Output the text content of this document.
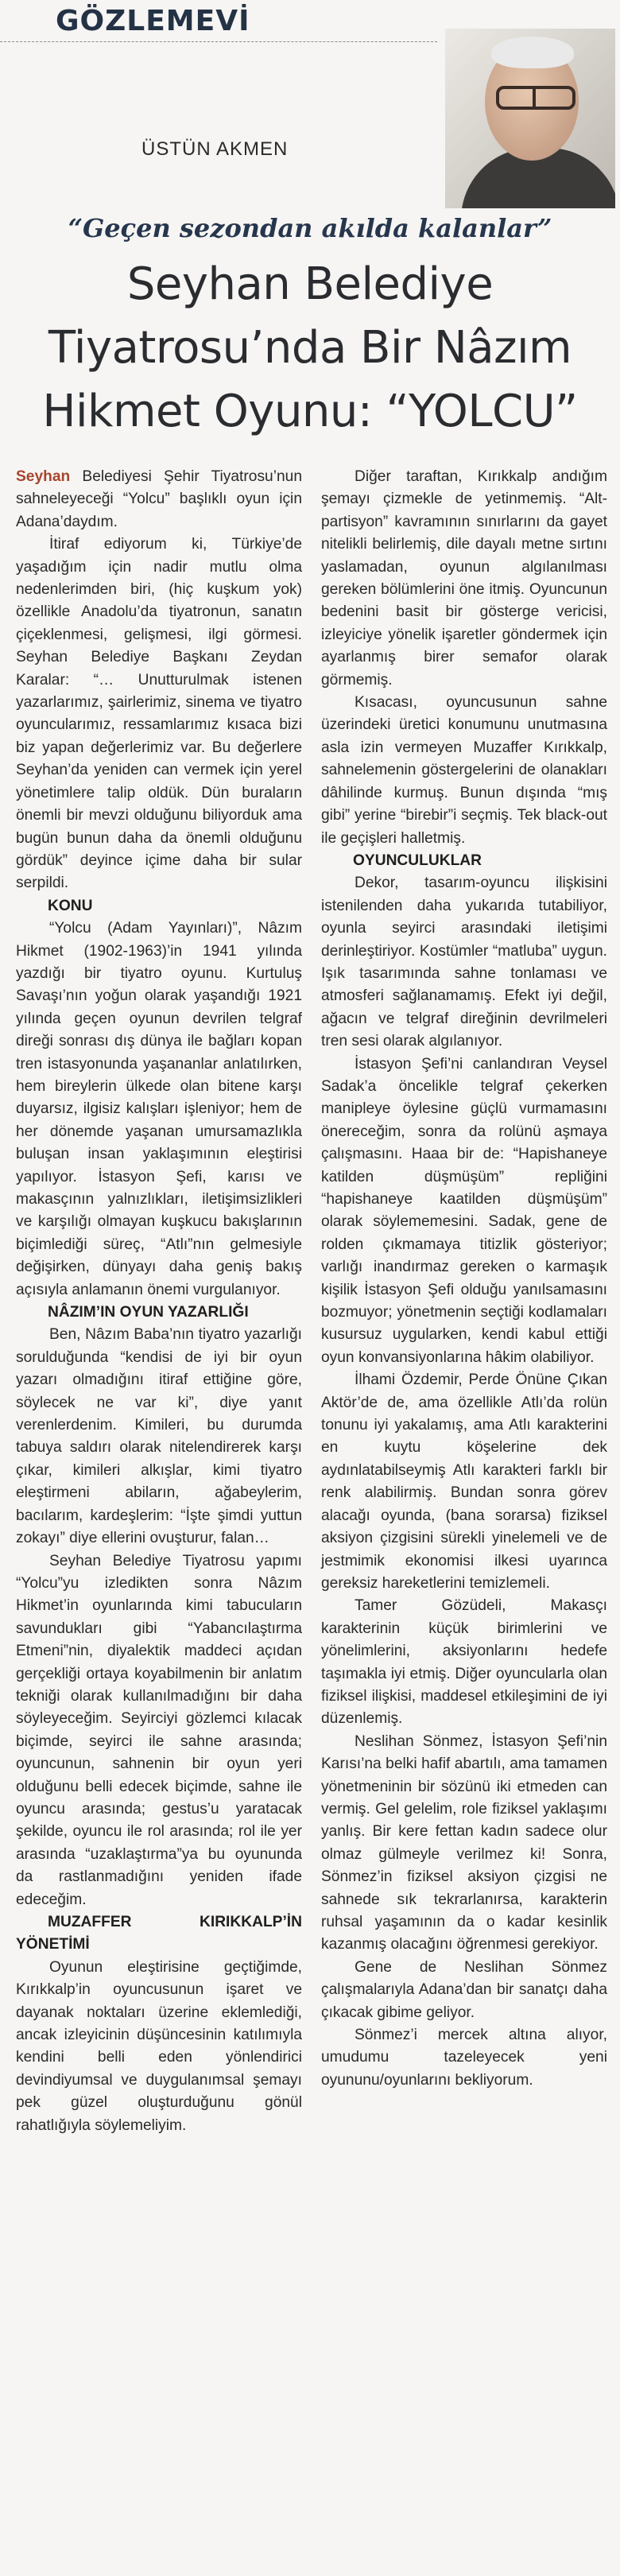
GÖZLEMEVİ
ÜSTÜN AKMEN
“Geçen sezondan akılda kalanlar”
Seyhan Belediye
Tiyatrosu’nda Bir Nâzım
Hikmet Oyunu: “YOLCU”

Seyhan Belediyesi Şehir Tiyatrosu’nun sahneleyeceği “Yolcu” başlıklı oyun için Adana’daydım.

İtiraf ediyorum ki, Türkiye’de yaşadığım için nadir mutlu olma nedenlerimden biri, (hiç kuşkum yok) özellikle Anadolu’da tiyatronun, sanatın çiçeklenmesi, gelişmesi, ilgi görmesi. Seyhan Belediye Başkanı Zeydan Karalar: “… Unutturulmak istenen yazarlarımız, şairlerimiz, sinema ve tiyatro oyuncularımız, ressamlarımız kısaca bizi biz yapan değerlerimiz var. Bu değerlere Seyhan’da yeniden can vermek için yerel yönetimlere talip oldük. Dün buraların önemli bir mevzi olduğunu biliyorduk ama bugün bunun daha da önemli olduğunu gördük” deyince içime daha bir sular serpildi.

KONU

“Yolcu (Adam Yayınları)”, Nâzım Hikmet (1902-1963)’in 1941 yılında yazdığı bir tiyatro oyunu. Kurtuluş Savaşı’nın yoğun olarak yaşandığı 1921 yılında geçen oyunun devrilen telgraf direği sonrası dış dünya ile bağları kopan tren istasyonunda yaşananlar anlatılırken, hem bireylerin ülkede olan bitene karşı duyarsız, ilgisiz kalışları işleniyor; hem de her dönemde yaşanan umursamazlıkla buluşan insan yaklaşımının eleştirisi yapılıyor. İstasyon Şefi, karısı ve makasçının yalnızlıkları, iletişimsizlikleri ve karşılığı olmayan kuşkucu bakışlarının biçimlediği süreç, “Atlı”nın gelmesiyle değişirken, dünyayı daha geniş bakış açısıyla anlamanın önemi vurgulanıyor.

NÂZIM’IN OYUN YAZARLIĞI

Ben, Nâzım Baba’nın tiyatro yazarlığı sorulduğunda “kendisi de iyi bir oyun yazarı olmadığını itiraf ettiğine göre, söylecek ne var ki”, diye yanıt verenlerdenim. Kimileri, bu durumda tabuya saldırı olarak nitelendirerek karşı çıkar, kimileri alkışlar, kimi tiyatro eleştirmeni abiların, ağabeylerim, bacılarım, kardeşlerim: “İşte şimdi yuttun zokayı” diye ellerini ovuşturur, falan…

Seyhan Belediye Tiyatrosu yapımı “Yolcu”yu izledikten sonra Nâzım Hikmet’in oyunlarında kimi tabucuların savundukları gibi “Yabancılaştırma Etmeni”nin, diyalektik maddeci açıdan gerçekliği ortaya koyabilmenin bir anlatım tekniği olarak kullanılmadığını bir daha söyleyeceğim. Seyirciyi gözlemci kılacak biçimde, seyirci ile sahne arasında; oyuncunun, sahnenin bir oyun yeri olduğunu belli edecek biçimde, sahne ile oyuncu arasında; gestus’u yaratacak şekilde, oyuncu ile rol arasında; rol ile yer arasında “uzaklaştırma”ya bu oyununda da rastlanmadığını yeniden ifade edeceğim.

MUZAFFER KIRIKKALP’İN YÖNETİMİ

Oyunun eleştirisine geçtiğimde, Kırıkkalp’in oyuncusunun işaret ve dayanak noktaları üzerine eklemlediği, ancak izleyicinin düşüncesinin katılımıyla kendini belli eden yönlendirici devindiyumsal ve duygulanımsal şemayı pek güzel oluşturduğunu gönül rahatlığıyla söylemeliyim.

Diğer taraftan, Kırıkkalp andığım şemayı çizmekle de yetinmemiş. “Alt-partisyon” kavramının sınırlarını da gayet nitelikli belirlemiş, dile dayalı metne sırtını yaslamadan, oyunun algılanılması gereken bölümlerini öne itmiş. Oyuncunun bedenini basit bir gösterge vericisi, izleyiciye yönelik işaretler göndermek için ayarlanmış birer semafor olarak görmemiş.

Kısacası, oyuncusunun sahne üzerindeki üretici konumunu unutmasına asla izin vermeyen Muzaffer Kırıkkalp, sahnelemenin göstergelerini de olanakları dâhilinde kurmuş. Bunun dışında “mış gibi” yerine “birebir”i seçmiş. Tek black-out ile geçişleri halletmiş.

OYUNCULUKLAR

Dekor, tasarım-oyuncu ilişkisini istenilenden daha yukarıda tutabiliyor, oyunla seyirci arasındaki iletişimi derinleştiriyor. Kostümler “matluba” uygun. Işık tasarımında sahne tonlaması ve atmosferi sağlanamamış. Efekt iyi değil, ağacın ve telgraf direğinin devrilmeleri tren sesi olarak algılanıyor.

İstasyon Şefi’ni canlandıran Veysel Sadak’a öncelikle telgraf çekerken manipleye öylesine güçlü vurmamasını önereceğim, sonra da rolünü aşmaya çalışmasını. Haaa bir de: “Hapishaneye katilden düşmüşüm” repliğini “hapishaneye kaatilden düşmüşüm” olarak söylememesini. Sadak, gene de rolden çıkmamaya titizlik gösteriyor; varlığı inandırmaz gereken o karmaşık kişilik İstasyon Şefi olduğu yanılsamasını bozmuyor; yönetmenin seçtiği kodlamaları kusursuz uygularken, kendi kabul ettiği oyun konvansiyonlarına hâkim olabiliyor.

İlhami Özdemir, Perde Önüne Çıkan Aktör’de de, ama özellikle Atlı’da rolün tonunu iyi yakalamış, ama Atlı karakterini en kuytu köşelerine dek aydınlatabilseymiş Atlı karakteri farklı bir renk alabilirmiş. Bundan sonra görev alacağı oyunda, (bana sorarsa) fiziksel aksiyon çizgisini sürekli yinelemeli ve de jestmimik ekonomisi ilkesi uyarınca gereksiz hareketlerini temizlemeli.

Tamer Gözüdeli, Makasçı karakterinin küçük birimlerini ve yönelimlerini, aksiyonlarını hedefe taşımakla iyi etmiş. Diğer oyuncularla olan fiziksel ilişkisi, maddesel etkileşimini de iyi düzenlemiş.

Neslihan Sönmez, İstasyon Şefi’nin Karısı’na belki hafif abartılı, ama tamamen yönetmeninin bir sözünü iki etmeden can vermiş. Gel gelelim, role fiziksel yaklaşımı yanlış. Bir kere fettan kadın sadece olur olmaz gülmeyle verilmez ki! Sonra, Sönmez’in fiziksel aksiyon çizgisi ne sahnede sık tekrarlanırsa, karakterin ruhsal yaşamının da o kadar kesinlik kazanmış olacağını öğrenmesi gerekiyor.

Gene de Neslihan Sönmez çalışmalarıyla Adana’dan bir sanatçı daha çıkacak gibime geliyor.

Sönmez’i mercek altına alıyor, umudumu tazeleyecek yeni oyununu/oyunlarını bekliyorum.
